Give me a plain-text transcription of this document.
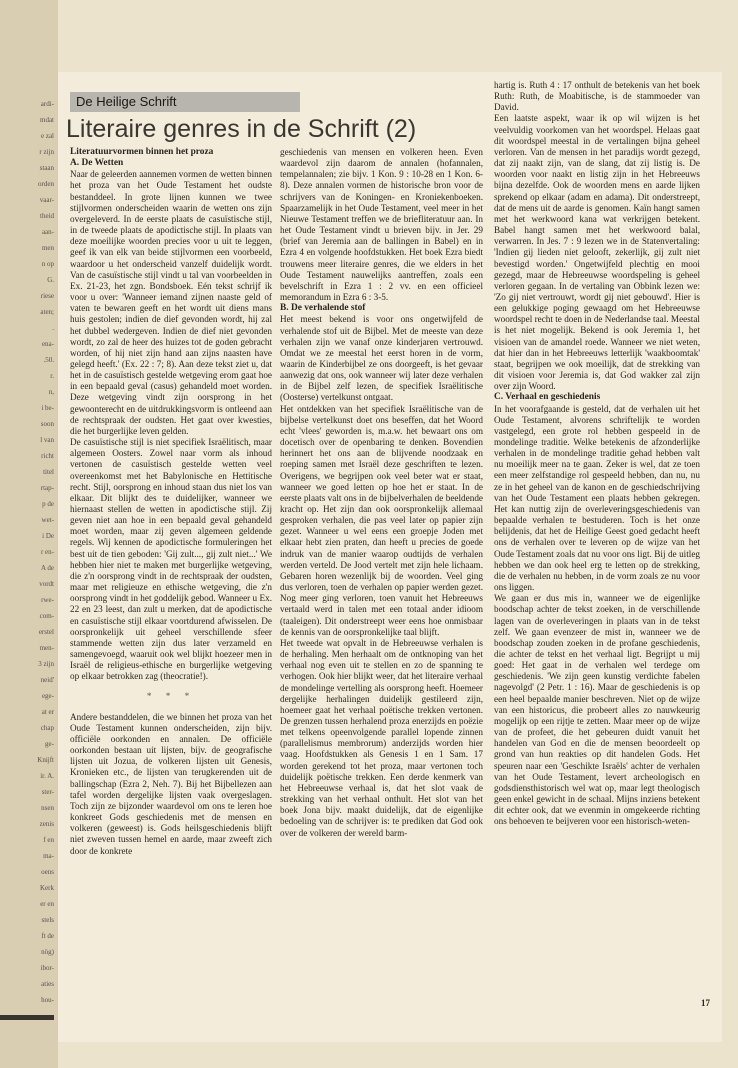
ardi-
mdat
e zal
r zijn
staan
orden
vaar-
theid
aan-
men
n op
G.
riese
aten;
.
ena-
.50.
r.
n,
i be-
soon
l van
richt
titel
rtap-
p de
wet-
i De
r en-
A de
vordt
rwe-
com-
erstel
men-
3 zijn
neid'
ege-
at er
chap
ge-
Knijft
ir. A.
ster-
nsen
zenis
f en
ma-
oens
Kerk
er en
stels
ft de
nög)
ibor-
aties
hou-
De Heilige Schrift
Literaire genres in de Schrift (2)
Literatuurvormen binnen het proza
A. De Wetten

Naar de geleerden aannemen vormen de wetten binnen het proza van het Oude Testament het oudste bestanddeel. In grote lijnen kunnen we twee stijlvormen onderscheiden waarin de wetten ons zijn overgeleverd. In de eerste plaats de casuïstische stijl, in de tweede plaats de apodictische stijl. In plaats van deze moeilijke woorden precies voor u uit te leggen, geef ik van elk van beide stijlvormen een voorbeeld, waardoor u het onderscheid vanzelf duidelijk wordt. Van de casuïstische stijl vindt u tal van voorbeelden in Ex. 21-23, het zgn. Bondsboek. Eén tekst schrijf ik voor u over: 'Wanneer iemand zijnen naaste geld of vaten te bewaren geeft en het wordt uit diens mans huis gestolen; indien de dief gevonden wordt, hij zal het dubbel wedergeven. Indien de dief niet gevonden wordt, zo zal de heer des huizes tot de goden gebracht worden, of hij niet zijn hand aan zijns naasten have gelegd heeft.' (Ex. 22 : 7; 8). Aan deze tekst ziet u, dat het in de casuïstisch gestelde wetgeving erom gaat hoe in een bepaald geval (casus) gehandeld moet worden. Deze wetgeving vindt zijn oorsprong in het gewoonterecht en de uitdrukkingsvorm is ontleend aan de rechtspraak der oudsten. Het gaat over kwesties, die het burgerlijke leven gelden.

De casuïstische stijl is niet specifiek Israëlitisch, maar algemeen Oosters. Zowel naar vorm als inhoud vertonen de casuïstisch gestelde wetten veel overeenkomst met het Babylonische en Hettitische recht. Stijl, oorsprong en inhoud staan dus niet los van elkaar. Dit blijkt des te duidelijker, wanneer we hiernaast stellen de wetten in apodictische stijl. Zij geven niet aan hoe in een bepaald geval gehandeld moet worden, maar zij geven algemeen geldende regels. Wij kennen de apodictische formuleringen het best uit de tien geboden: 'Gij zult..., gij zult niet...' We hebben hier niet te maken met burgerlijke wetgeving, die z'n oorsprong vindt in de rechtspraak der oudsten, maar met religieuze en ethische wetgeving, die z'n oorsprong vindt in het goddelijk gebod. Wanneer u Ex. 22 en 23 leest, dan zult u merken, dat de apodictische en casuïstische stijl elkaar voortdurend afwisselen. De oorspronkelijk uit geheel verschillende sfeer stammende wetten zijn dus later verzameld en samengevoegd, waaruit ook wel blijkt hoezeer men in Israël de religieus-ethische en burgerlijke wetgeving op elkaar betrokken zag (theocratie!).

* * *

Andere bestanddelen, die we binnen het proza van het Oude Testament kunnen onderscheiden, zijn bijv. officiële oorkonden en annalen. De officiële oorkonden bestaan uit lijsten, bijv. de geografische lijsten uit Jozua, de volkeren lijsten uit Genesis, Kronieken etc., de lijsten van terugkerenden uit de ballingschap (Ezra 2, Neh. 7). Bij het Bijbellezen aan tafel worden dergelijke lijsten vaak overgeslagen. Toch zijn ze bijzonder waardevol om ons te leren hoe konkreet Gods geschiedenis met de mensen en volkeren (geweest) is. Gods heilsgeschiedenis blijft niet zweven tussen hemel en aarde, maar zweeft zich door de konkrete

geschiedenis van mensen en volkeren heen. Even waardevol zijn daarom de annalen (hofannalen, tempelannalen; zie bijv. 1 Kon. 9 : 10-28 en 1 Kon. 6-8). Deze annalen vormen de historische bron voor de schrijvers van de Koningen- en Kroniekenboeken. Spaarzamelijk in het Oude Testament, veel meer in het Nieuwe Testament treffen we de briefliteratuur aan. In het Oude Testament vindt u brieven bijv. in Jer. 29 (brief van Jeremia aan de ballingen in Babel) en in Ezra 4 en volgende hoofdstukken. Het boek Ezra biedt trouwens meer literaire genres, die we elders in het Oude Testament nauwelijks aantreffen, zoals een bevelschrift in Ezra 1 : 2 vv. en een officieel memorandum in Ezra 6 : 3-5.

B. De verhalende stof

Het meest bekend is voor ons ongetwijfeld de verhalende stof uit de Bijbel. Met de meeste van deze verhalen zijn we vanaf onze kinderjaren vertrouwd. Omdat we ze meestal het eerst horen in de vorm, waarin de Kinderbijbel ze ons doorgeeft, is het gevaar aanwezig dat ons, ook wanneer wij later deze verhalen in de Bijbel zelf lezen, de specifiek Israëlitische (Oosterse) vertelkunst ontgaat.

Het ontdekken van het specifiek Israëlitische van de bijbelse vertelkunst doet ons beseffen, dat het Woord echt 'vlees' geworden is, m.a.w. het bewaart ons om docetisch over de openbaring te denken. Bovendien herinnert het ons aan de blijvende noodzaak en roeping samen met Israël deze geschriften te lezen. Overigens, we begrijpen ook veel beter wat er staat, wanneer we goed letten op hoe het er staat. In de eerste plaats valt ons in de bijbelverhalen de beeldende kracht op. Het zijn dan ook oorspronkelijk allemaal gesproken verhalen, die pas veel later op papier zijn gezet. Wanneer u wel eens een groepje Joden met elkaar hebt zien praten, dan heeft u precies de goede indruk van de manier waarop oudtijds de verhalen werden verteld. De Jood vertelt met zijn hele lichaam. Gebaren horen wezenlijk bij de woorden. Veel ging dus verloren, toen de verhalen op papier werden gezet. Nog meer ging verloren, toen vanuit het Hebreeuws vertaald werd in talen met een totaal ander idioom (taaleigen). Dit onderstreept weer eens hoe onmisbaar de kennis van de oorspronkelijke taal blijft.

Het tweede wat opvalt in de Hebreeuwse verhalen is de herhaling. Men herhaalt om de ontknoping van het verhaal nog even uit te stellen en zo de spanning te verhogen. Ook hier blijkt weer, dat het literaire verhaal de mondelinge vertelling als oorsprong heeft. Hoemeer dergelijke herhalingen duidelijk gestileerd zijn, hoemeer gaat het verhaal poëtische trekken vertonen. De grenzen tussen herhalend proza enerzijds en poëzie met telkens opeenvolgende parallel lopende zinnen (parallelismus membrorum) anderzijds worden hier vaag. Hoofdstukken als Genesis 1 en 1 Sam. 17 worden gerekend tot het proza, maar vertonen toch duidelijk poëtische trekken. Een derde kenmerk van het Hebreeuwse verhaal is, dat het slot vaak de strekking van het verhaal onthult. Het slot van het boek Jona bijv. maakt duidelijk, dat de eigenlijke bedoeling van de schrijver is: te prediken dat God ook over de volkeren der wereld barm-

hartig is. Ruth 4 : 17 onthult de betekenis van het boek Ruth: Ruth, de Moabitische, is de stammoeder van David.

Een laatste aspekt, waar ik op wil wijzen is het veelvuldig voorkomen van het woordspel. Helaas gaat dit woordspel meestal in de vertalingen bijna geheel verloren. Van de mensen in het paradijs wordt gezegd, dat zij naakt zijn, van de slang, dat zij listig is. De woorden voor naakt en listig zijn in het Hebreeuws bijna dezelfde. Ook de woorden mens en aarde lijken sprekend op elkaar (adam en adama). Dit onderstreept, dat de mens uit de aarde is genomen. Kaïn hangt samen met het werkwoord kana wat verkrijgen betekent. Babel hangt samen met het werkwoord balal, verwarren. In Jes. 7 : 9 lezen we in de Statenvertaling: 'Indien gij lieden niet gelooft, zekerlijk, gij zult niet bevestigd worden.' Ongetwijfeld plechtig en mooi gezegd, maar de Hebreeuwse woordspeling is geheel verloren gegaan. In de vertaling van Obbink lezen we: 'Zo gij niet vertrouwt, wordt gij niet gebouwd'. Hier is een gelukkige poging gewaagd om het Hebreeuwse woordspel recht te doen in de Nederlandse taal. Meestal is het niet mogelijk. Bekend is ook Jeremia 1, het visioen van de amandel roede. Wanneer we niet weten, dat hier dan in het Hebreeuws letterlijk 'waakboomtak' staat, begrijpen we ook moeilijk, dat de strekking van dit visioen voor Jeremia is, dat God wakker zal zijn over zijn Woord.

C. Verhaal en geschiedenis

In het voorafgaande is gesteld, dat de verhalen uit het Oude Testament, alvorens schriftelijk te worden vastgelegd, een grote rol hebben gespeeld in de mondelinge traditie. Welke betekenis de afzonderlijke verhalen in de mondelinge traditie gehad hebben valt nu moeilijk meer na te gaan. Zeker is wel, dat ze toen een meer zelfstandige rol gespeeld hebben, dan nu, nu ze in het geheel van de kanon en de geschiedschrijving van het Oude Testament een plaats hebben gekregen. Het kan nuttig zijn de overleveringsgeschiedenis van bepaalde verhalen te bestuderen. Toch is het onze belijdenis, dat het de Heilige Geest goed gedacht heeft ons de verhalen over te leveren op de wijze van het Oude Testament zoals dat nu voor ons ligt. Bij de uitleg hebben we dan ook heel erg te letten op de strekking, die de verhalen nu hebben, in de vorm zoals ze nu voor ons liggen.

We gaan er dus mis in, wanneer we de eigenlijke boodschap achter de tekst zoeken, in de verschillende lagen van de overleveringen in plaats van in de tekst zelf. We gaan evenzeer de mist in, wanneer we de boodschap zouden zoeken in de profane geschiedenis, die achter de tekst en het verhaal ligt. Begrijpt u mij goed: Het gaat in de verhalen wel terdege om geschiedenis. 'We zijn geen kunstig verdichte fabelen nagevolgd' (2 Petr. 1 : 16). Maar de geschiedenis is op een heel bepaalde manier beschreven. Niet op de wijze van een historicus, die probeert alles zo nauwkeurig mogelijk op een rijtje te zetten. Maar meer op de wijze van de profeet, die het gebeuren duidt vanuit het handelen van God en die de mensen beoordeelt op grond van hun reakties op dit handelen Gods. Het speuren naar een 'Geschikte Israëls' achter de verhalen van het Oude Testament, levert archeologisch en godsdiensthistorisch wel wat op, maar legt theologisch geen enkel gewicht in de schaal. Mijns inziens betekent dit echter ook, dat we evenmin in omgekeerde richting ons behoeven te beijveren voor een historisch-weten-

17
